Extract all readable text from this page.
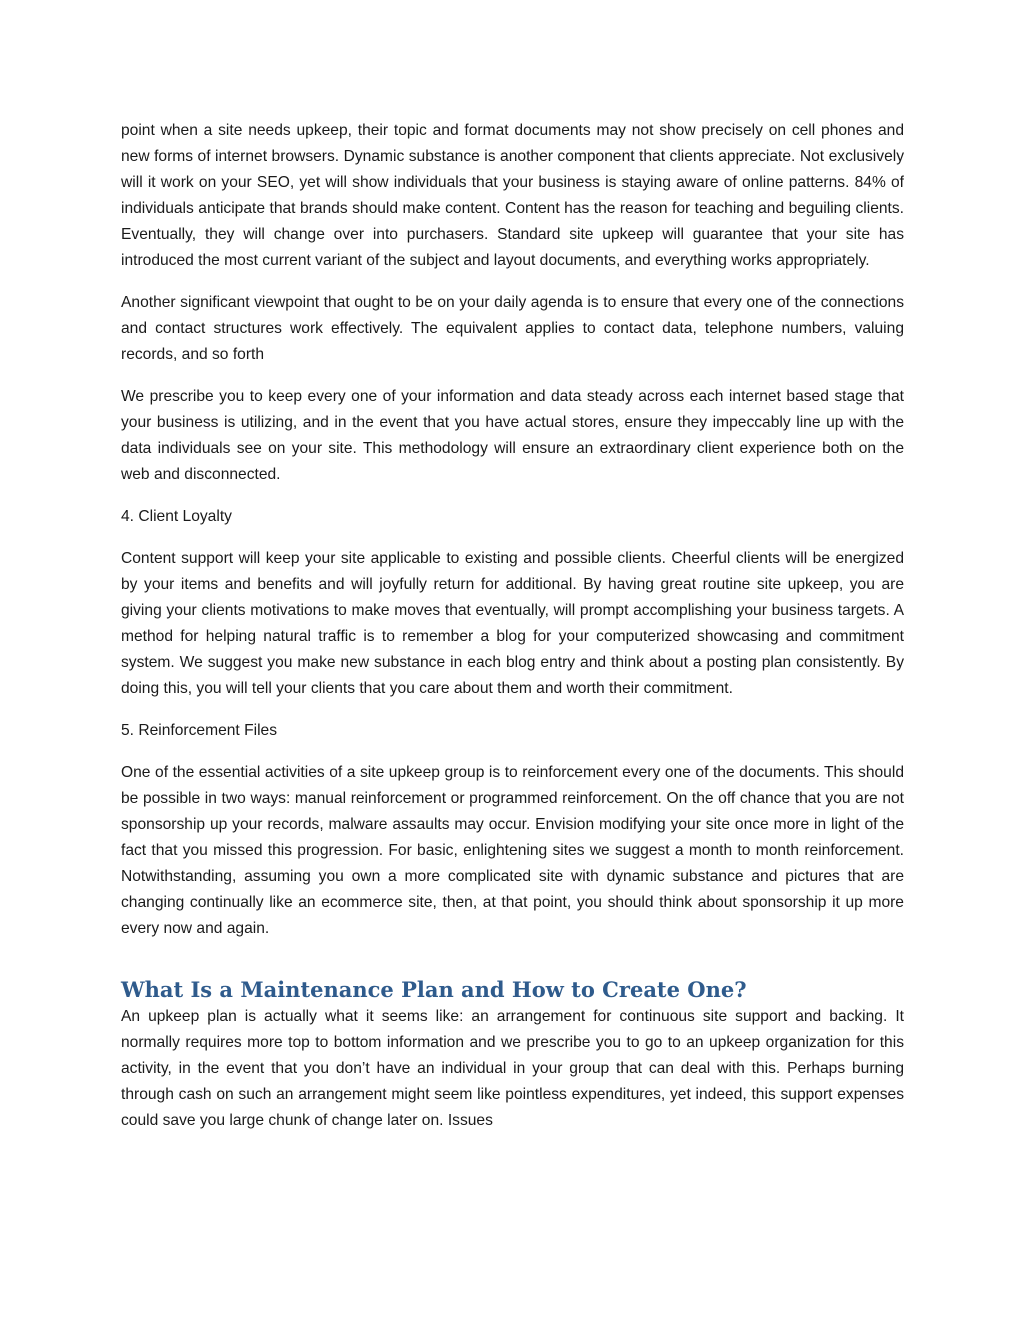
point when a site needs upkeep, their topic and format documents may not show precisely on cell phones and new forms of internet browsers. Dynamic substance is another component that clients appreciate. Not exclusively will it work on your SEO, yet will show individuals that your business is staying aware of online patterns. 84% of individuals anticipate that brands should make content. Content has the reason for teaching and beguiling clients. Eventually, they will change over into purchasers. Standard site upkeep will guarantee that your site has introduced the most current variant of the subject and layout documents, and everything works appropriately.

Another significant viewpoint that ought to be on your daily agenda is to ensure that every one of the connections and contact structures work effectively. The equivalent applies to contact data, telephone numbers, valuing records, and so forth

We prescribe you to keep every one of your information and data steady across each internet based stage that your business is utilizing, and in the event that you have actual stores, ensure they impeccably line up with the data individuals see on your site. This methodology will ensure an extraordinary client experience both on the web and disconnected.

4. Client Loyalty

Content support will keep your site applicable to existing and possible clients. Cheerful clients will be energized by your items and benefits and will joyfully return for additional. By having great routine site upkeep, you are giving your clients motivations to make moves that eventually, will prompt accomplishing your business targets. A method for helping natural traffic is to remember a blog for your computerized showcasing and commitment system. We suggest you make new substance in each blog entry and think about a posting plan consistently. By doing this, you will tell your clients that you care about them and worth their commitment.

5. Reinforcement Files

One of the essential activities of a site upkeep group is to reinforcement every one of the documents. This should be possible in two ways: manual reinforcement or programmed reinforcement. On the off chance that you are not sponsorship up your records, malware assaults may occur. Envision modifying your site once more in light of the fact that you missed this progression. For basic, enlightening sites we suggest a month to month reinforcement. Notwithstanding, assuming you own a more complicated site with dynamic substance and pictures that are changing continually like an ecommerce site, then, at that point, you should think about sponsorship it up more every now and again.

What Is a Maintenance Plan and How to Create One?

An upkeep plan is actually what it seems like: an arrangement for continuous site support and backing. It normally requires more top to bottom information and we prescribe you to go to an upkeep organization for this activity, in the event that you don’t have an individual in your group that can deal with this. Perhaps burning through cash on such an arrangement might seem like pointless expenditures, yet indeed, this support expenses could save you large chunk of change later on. Issues
